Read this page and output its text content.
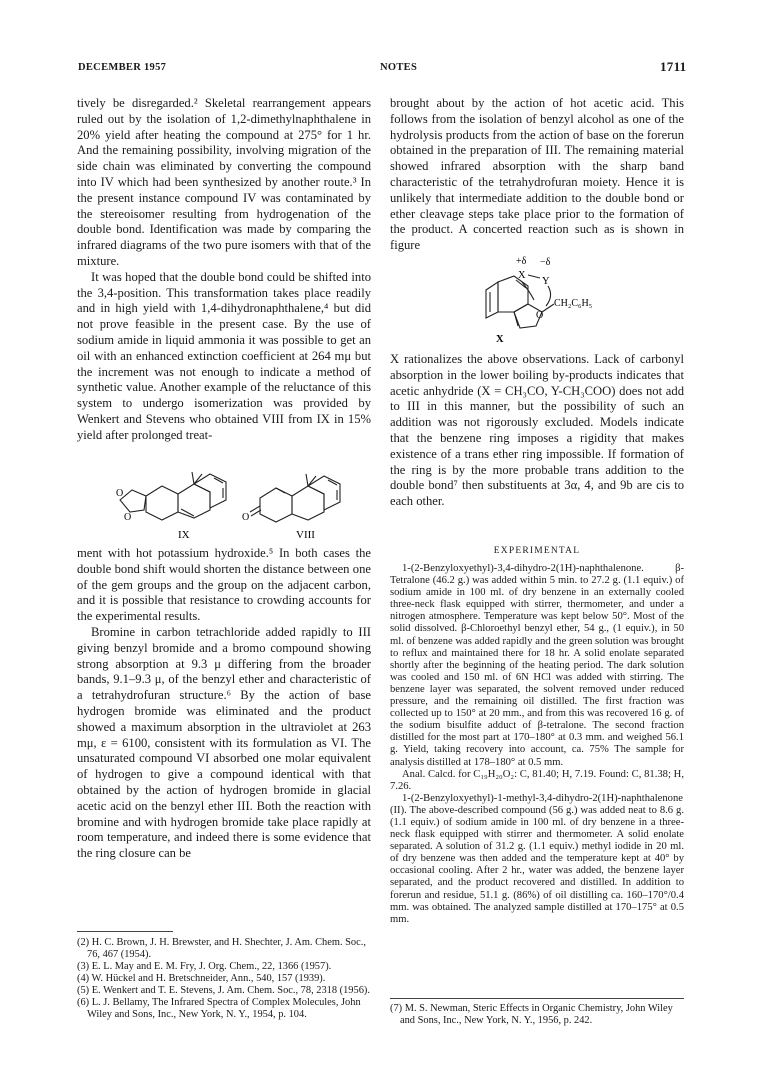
DECEMBER 1957	NOTES	1711

tively be disregarded.² Skeletal rearrangement appears ruled out by the isolation of 1,2-dimethylnaphthalene in 20% yield after heating the compound at 275° for 1 hr. And the remaining possibility, involving migration of the side chain was eliminated by converting the compound into IV which had been synthesized by another route.³ In the present instance compound IV was contaminated by the stereoisomer resulting from hydrogenation of the double bond. Identification was made by comparing the infrared diagrams of the two pure isomers with that of the mixture.

It was hoped that the double bond could be shifted into the 3,4-position. This transformation takes place readily and in high yield with 1,4-dihydronaphthalene,⁴ but did not prove feasible in the present case. By the use of sodium amide in liquid ammonia it was possible to get an oil with an enhanced extinction coefficient at 264 mμ but the increment was not enough to indicate a method of synthetic value. Another example of the reluctance of this system to undergo isomerization was provided by Wenkert and Stevens who obtained VIII from IX in 15% yield after prolonged treat-

O
O
IX
O
VIII

ment with hot potassium hydroxide.⁵ In both cases the double bond shift would shorten the distance between one of the gem groups and the group on the adjacent carbon, and it is possible that resistance to crowding accounts for the experimental results.

Bromine in carbon tetrachloride added rapidly to III giving benzyl bromide and a bromo compound showing strong absorption at 9.3 μ differing from the broader bands, 9.1–9.3 μ, of the benzyl ether and characteristic of a tetrahydrofuran structure.⁶ By the action of base hydrogen bromide was eliminated and the product showed a maximum absorption in the ultraviolet at 263 mμ, ε = 6100, consistent with its formulation as VI. The unsaturated compound VI absorbed one molar equivalent of hydrogen to give a compound identical with that obtained by the action of hydrogen bromide in glacial acetic acid on the benzyl ether III. Both the reaction with bromine and with hydrogen bromide take place rapidly at room temperature, and indeed there is some evidence that the ring closure can be

(2) H. C. Brown, J. H. Brewster, and H. Shechter, J. Am. Chem. Soc., 76, 467 (1954).

(3) E. L. May and E. M. Fry, J. Org. Chem., 22, 1366 (1957).

(4) W. Hückel and H. Bretschneider, Ann., 540, 157 (1939).

(5) E. Wenkert and T. E. Stevens, J. Am. Chem. Soc., 78, 2318 (1956).

(6) L. J. Bellamy, The Infrared Spectra of Complex Molecules, John Wiley and Sons, Inc., New York, N. Y., 1954, p. 104.

brought about by the action of hot acetic acid. This follows from the isolation of benzyl alcohol as one of the hydrolysis products from the action of base on the forerun obtained in the preparation of III. The remaining material showed infrared absorption with the sharp band characteristic of the tetrahydrofuran moiety. Hence it is unlikely that intermediate addition to the double bond or ether cleavage steps take place prior to the formation of the product. A concerted reaction such as is shown in figure

+δ −δ
X
Y
O
CH₂C₆H₅
X

X rationalizes the above observations. Lack of carbonyl absorption in the lower boiling by-products indicates that acetic anhydride (X = CH₃CO, Y-CH₃COO) does not add to III in this manner, but the possibility of such an addition was not rigorously excluded. Models indicate that the benzene ring imposes a rigidity that makes existence of a trans ether ring impossible. If formation of the ring is by the more probable trans addition to the double bond⁷ then substituents at 3α, 4, and 9b are cis to each other.

EXPERIMENTAL

1-(2-Benzyloxyethyl)-3,4-dihydro-2(1H)-naphthalenone. β-Tetralone (46.2 g.) was added within 5 min. to 27.2 g. (1.1 equiv.) of sodium amide in 100 ml. of dry benzene in an externally cooled three-neck flask equipped with stirrer, thermometer, and under a nitrogen atmosphere. Temperature was kept below 50°. Most of the solid dissolved. β-Chloroethyl benzyl ether, 54 g., (1 equiv.), in 50 ml. of benzene was added rapidly and the green solution was brought to reflux and maintained there for 18 hr. A solid enolate separated shortly after the beginning of the heating period. The dark solution was cooled and 150 ml. of 6N HCl was added with stirring. The benzene layer was separated, the solvent removed under reduced pressure, and the remaining oil distilled. The first fraction was collected up to 150° at 20 mm., and from this was recovered 16 g. of the sodium bisulfite adduct of β-tetralone. The second fraction distilled for the most part at 170–180° at 0.3 mm. and weighed 56.1 g. Yield, taking recovery into account, ca. 75% The sample for analysis distilled at 178–180° at 0.5 mm.

Anal. Calcd. for C₁₉H₂₀O₂: C, 81.40; H, 7.19. Found: C, 81.38; H, 7.26.

1-(2-Benzyloxyethyl)-1-methyl-3,4-dihydro-2(1H)-naphthalenone (II). The above-described compound (56 g.) was added neat to 8.6 g. (1.1 equiv.) of sodium amide in 100 ml. of dry benzene in a three-neck flask equipped with stirrer and thermometer. A solid enolate separated. A solution of 31.2 g. (1.1 equiv.) methyl iodide in 20 ml. of dry benzene was then added and the temperature kept at 40° by occasional cooling. After 2 hr., water was added, the benzene layer separated, and the product recovered and distilled. In addition to forerun and residue, 51.1 g. (86%) of oil distilling ca. 160–170°/0.4 mm. was obtained. The analyzed sample distilled at 170–175° at 0.5 mm.

(7) M. S. Newman, Steric Effects in Organic Chemistry, John Wiley and Sons, Inc., New York, N. Y., 1956, p. 242.
